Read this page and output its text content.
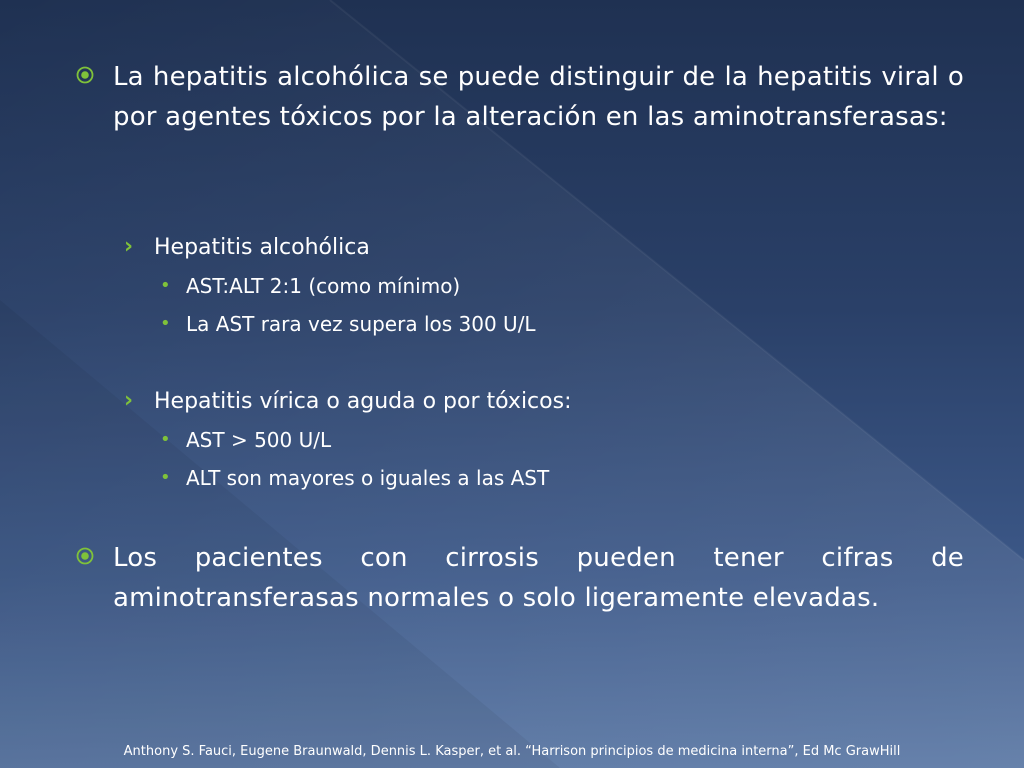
La hepatitis alcohólica se puede distinguir de la hepatitis viral o por agentes tóxicos por la alteración en las aminotransferasas:
› Hepatitis alcohólica
• AST:ALT 2:1 (como mínimo)
• La AST rara vez supera los 300 U/L
› Hepatitis vírica o aguda o por tóxicos:
• AST > 500 U/L
• ALT son mayores o iguales a las AST
Los pacientes con cirrosis pueden tener cifras de aminotransferasas normales o solo ligeramente elevadas.
Anthony S. Fauci, Eugene Braunwald, Dennis L. Kasper, et al. “Harrison principios de medicina interna”, Ed Mc GrawHill
